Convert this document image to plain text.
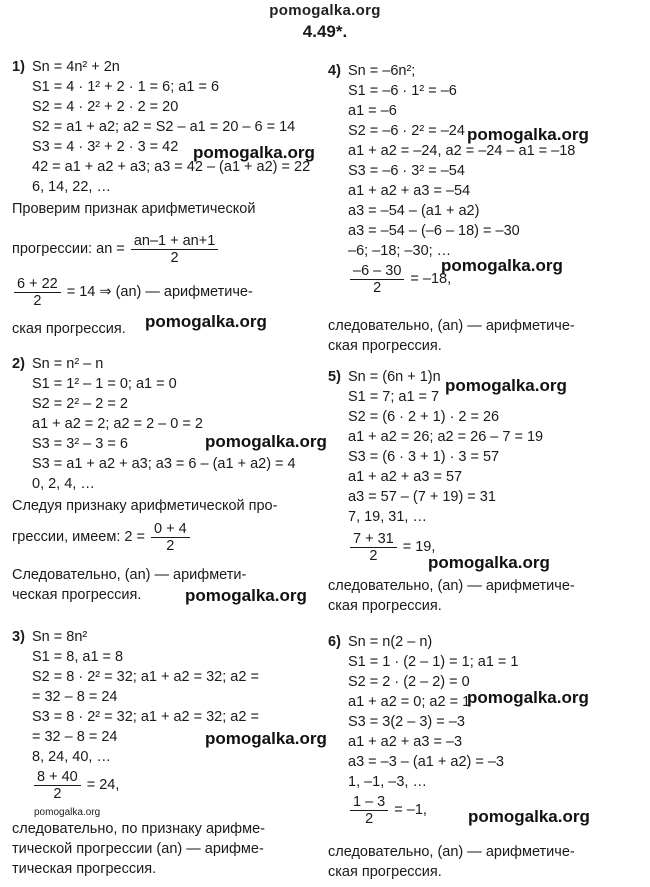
pomogalka.org
4.49*.
1) Sn = 4n² + 2n
S1 = 4 · 1² + 2 · 1 = 6; a1 = 6
S2 = 4 · 2² + 2 · 2 = 20
S2 = a1 + a2; a2 = S2 – a1 = 20 – 6 = 14
S3 = 4 · 3² + 2 · 3 = 42
42 = a1 + a2 + a3; a3 = 42 – (a1 + a2) = 22
6, 14, 22, …
Проверим признак арифметической
прогрессии: an = $\frac{an-1 + an+1}{2}$
$\frac{6 + 22}{2} = 14$ ⇒ (an) — арифметиче-
ская прогрессия.
2) Sn = n² – n
S1 = 1² – 1 = 0; a1 = 0
S2 = 2² – 2 = 2
a1 + a2 = 2; a2 = 2 – 0 = 2
S3 = 3² – 3 = 6
S3 = a1 + a2 + a3; a3 = 6 – (a1 + a2) = 4
0, 2, 4, …
Следуя признаку арифметической про-
грессии, имеем: $2 = \frac{0 + 4}{2}$
Следовательно, (an) — арифмети-
ческая прогрессия.
3) Sn = 8n²
S1 = 8, a1 = 8
S2 = 8 · 2² = 32; a1 + a2 = 32; a2 =
= 32 – 8 = 24
S3 = 8 · 2² = 32; a1 + a2 = 32; a2 =
= 32 – 8 = 24
8, 24, 40, …
$\frac{8 + 40}{2} = 24$,
pomogalka.org
следовательно, по признаку арифме-
тической прогрессии (an) — арифме-
тическая прогрессия.
4) Sn = –6n²;
S1 = –6 · 1² = –6
a1 = –6
S2 = –6 · 2² = –24
a1 + a2 = –24, a2 = –24 – a1 = –18
S3 = –6 · 3² = –54
a1 + a2 + a3 = –54
a3 = –54 – (a1 + a2)
a3 = –54 – (–6 – 18) = –30
–6; –18; –30; …
$\frac{-6 - 30}{2} = -18$,
следовательно, (an) — арифметиче-
ская прогрессия.
5) Sn = (6n + 1)n
S1 = 7; a1 = 7
S2 = (6 · 2 + 1) · 2 = 26
a1 + a2 = 26; a2 = 26 – 7 = 19
S3 = (6 · 3 + 1) · 3 = 57
a1 + a2 + a3 = 57
a3 = 57 – (7 + 19) = 31
7, 19, 31, …
$\frac{7 + 31}{2} = 19$,
следовательно, (an) — арифметиче-
ская прогрессия.
6) Sn = n(2 – n)
S1 = 1 · (2 – 1) = 1; a1 = 1
S2 = 2 · (2 – 2) = 0
a1 + a2 = 0; a2 = 1
S3 = 3(2 – 3) = –3
a1 + a2 + a3 = –3
a3 = –3 – (a1 + a2) = –3
1, –1, –3, …
$\frac{1 - 3}{2} = -1$,
следовательно, (an) — арифметиче-
ская прогрессия.
pomogalka.org
pomogalka.org
pomogalka.org
pomogalka.org
pomogalka.org
pomogalka.org
pomogalka.org
pomogalka.org
pomogalka.org
pomogalka.org
pomogalka.org
